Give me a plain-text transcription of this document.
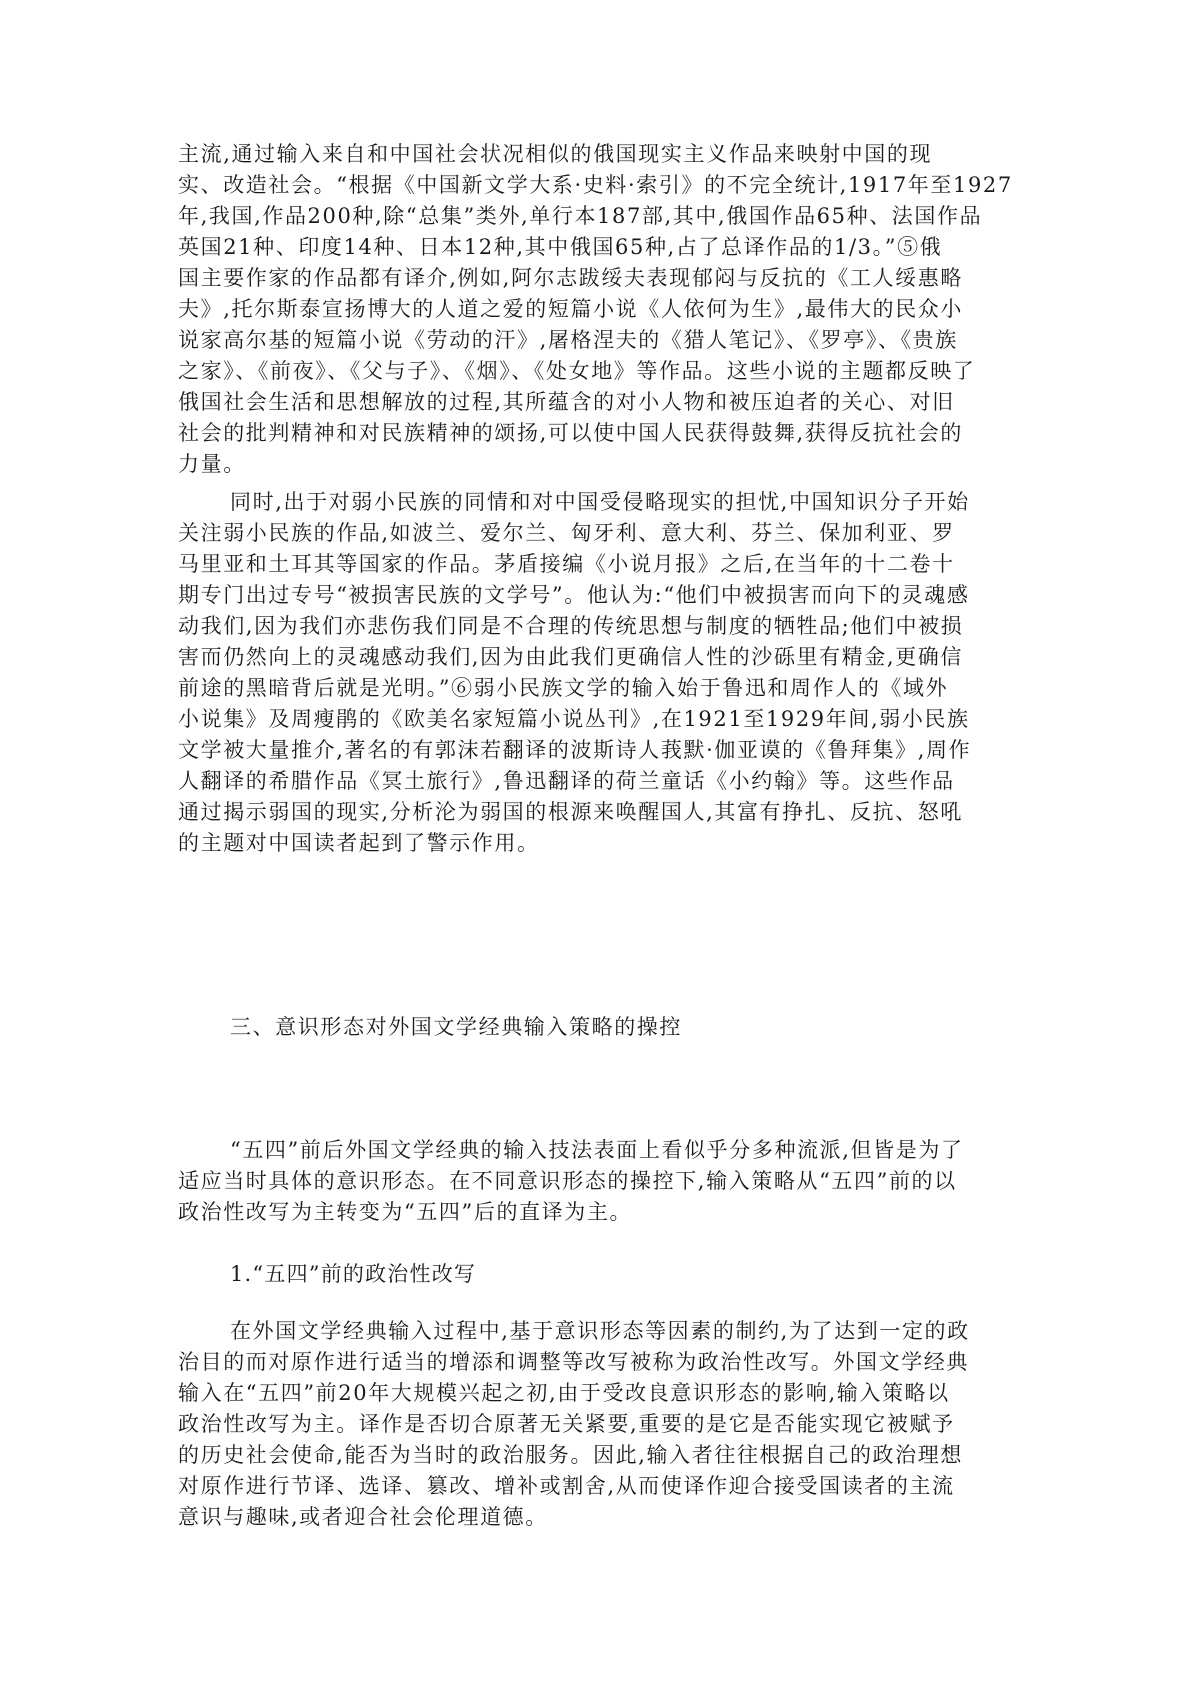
主流,通过输入来自和中国社会状况相似的俄国现实主义作品来映射中国的现
实、改造社会。“根据《中国新文学大系·史料·索引》的不完全统计,1917年至1927
年,我国,作品200种,除“总集”类外,单行本187部,其中,俄国作品65种、法国作品
英国21种、印度14种、日本12种,其中俄国65种,占了总译作品的1/3。”⑤俄
国主要作家的作品都有译介,例如,阿尔志跋绥夫表现郁闷与反抗的《工人绥惠略
夫》,托尔斯泰宣扬博大的人道之爱的短篇小说《人依何为生》,最伟大的民众小
说家高尔基的短篇小说《劳动的汗》,屠格涅夫的《猎人笔记》、《罗亭》、《贵族
之家》、《前夜》、《父与子》、《烟》、《处女地》等作品。这些小说的主题都反映了
俄国社会生活和思想解放的过程,其所蕴含的对小人物和被压迫者的关心、对旧
社会的批判精神和对民族精神的颂扬,可以使中国人民获得鼓舞,获得反抗社会的
力量。

同时,出于对弱小民族的同情和对中国受侵略现实的担忧,中国知识分子开始
关注弱小民族的作品,如波兰、爱尔兰、匈牙利、意大利、芬兰、保加利亚、罗
马里亚和土耳其等国家的作品。茅盾接编《小说月报》之后,在当年的十二卷十
期专门出过专号“被损害民族的文学号”。他认为:“他们中被损害而向下的灵魂感
动我们,因为我们亦悲伤我们同是不合理的传统思想与制度的牺牲品;他们中被损
害而仍然向上的灵魂感动我们,因为由此我们更确信人性的沙砾里有精金,更确信
前途的黑暗背后就是光明。”⑥弱小民族文学的输入始于鲁迅和周作人的《域外
小说集》及周瘦鹃的《欧美名家短篇小说丛刊》,在1921至1929年间,弱小民族
文学被大量推介,著名的有郭沫若翻译的波斯诗人莪默·伽亚谟的《鲁拜集》,周作
人翻译的希腊作品《冥土旅行》,鲁迅翻译的荷兰童话《小约翰》等。这些作品
通过揭示弱国的现实,分析沦为弱国的根源来唤醒国人,其富有挣扎、反抗、怒吼
的主题对中国读者起到了警示作用。

三、意识形态对外国文学经典输入策略的操控

“五四”前后外国文学经典的输入技法表面上看似乎分多种流派,但皆是为了
适应当时具体的意识形态。在不同意识形态的操控下,输入策略从“五四”前的以
政治性改写为主转变为“五四”后的直译为主。

1.“五四”前的政治性改写

在外国文学经典输入过程中,基于意识形态等因素的制约,为了达到一定的政
治目的而对原作进行适当的增添和调整等改写被称为政治性改写。外国文学经典
输入在“五四”前20年大规模兴起之初,由于受改良意识形态的影响,输入策略以
政治性改写为主。译作是否切合原著无关紧要,重要的是它是否能实现它被赋予
的历史社会使命,能否为当时的政治服务。因此,输入者往往根据自己的政治理想
对原作进行节译、选译、篡改、增补或割舍,从而使译作迎合接受国读者的主流
意识与趣味,或者迎合社会伦理道德。
